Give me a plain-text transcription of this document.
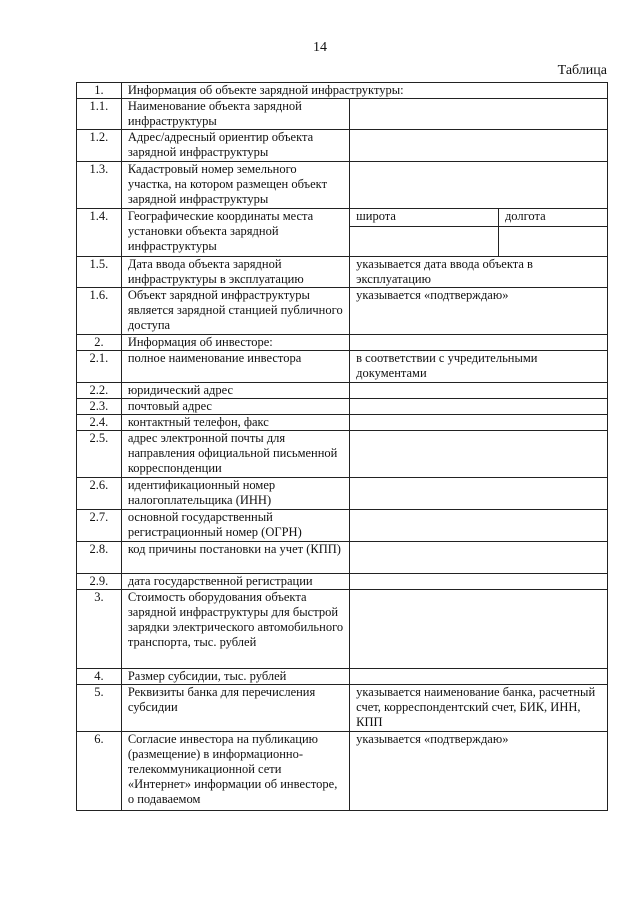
14
Таблица
1.	Информация об объекте зарядной инфраструктуры:		
1.1.	Наименование объекта зарядной инфраструктуры		
1.2.	Адрес/адресный ориентир объекта зарядной инфраструктуры		
1.3.	Кадастровый номер земельного участка, на котором размещен объект зарядной инфраструктуры		
1.4.	Географические координаты места установки объекта зарядной инфраструктуры	широта	долгота

1.5.	Дата ввода объекта зарядной инфраструктуры в эксплуатацию	указывается дата ввода объекта в эксплуатацию	
1.6.	Объект зарядной инфраструктуры является зарядной станцией публичного доступа	указывается «подтверждаю»	
2.	Информация об инвесторе:		
2.1.	полное наименование инвестора	в соответствии с учредительными документами	
2.2.	юридический адрес		
2.3.	почтовый адрес		
2.4.	контактный телефон, факс		
2.5.	адрес электронной почты для направления официальной письменной корреспонденции		
2.6.	идентификационный номер налогоплательщика (ИНН)		
2.7.	основной государственный регистрационный номер (ОГРН)		
2.8.	код причины постановки на учет (КПП)		
2.9.	дата государственной регистрации		
3.	Стоимость оборудования объекта зарядной инфраструктуры для быстрой зарядки электрического автомобильного транспорта, тыс. рублей		
4.	Размер субсидии, тыс. рублей		
5.	Реквизиты банка для перечисления субсидии	указывается наименование банка, расчетный счет, корреспондентский счет, БИК, ИНН, КПП	
6.	Согласие инвестора на публикацию (размещение) в информационно-телекоммуникационной сети «Интернет» информации об инвесторе, о подаваемом	указывается «подтверждаю»	
